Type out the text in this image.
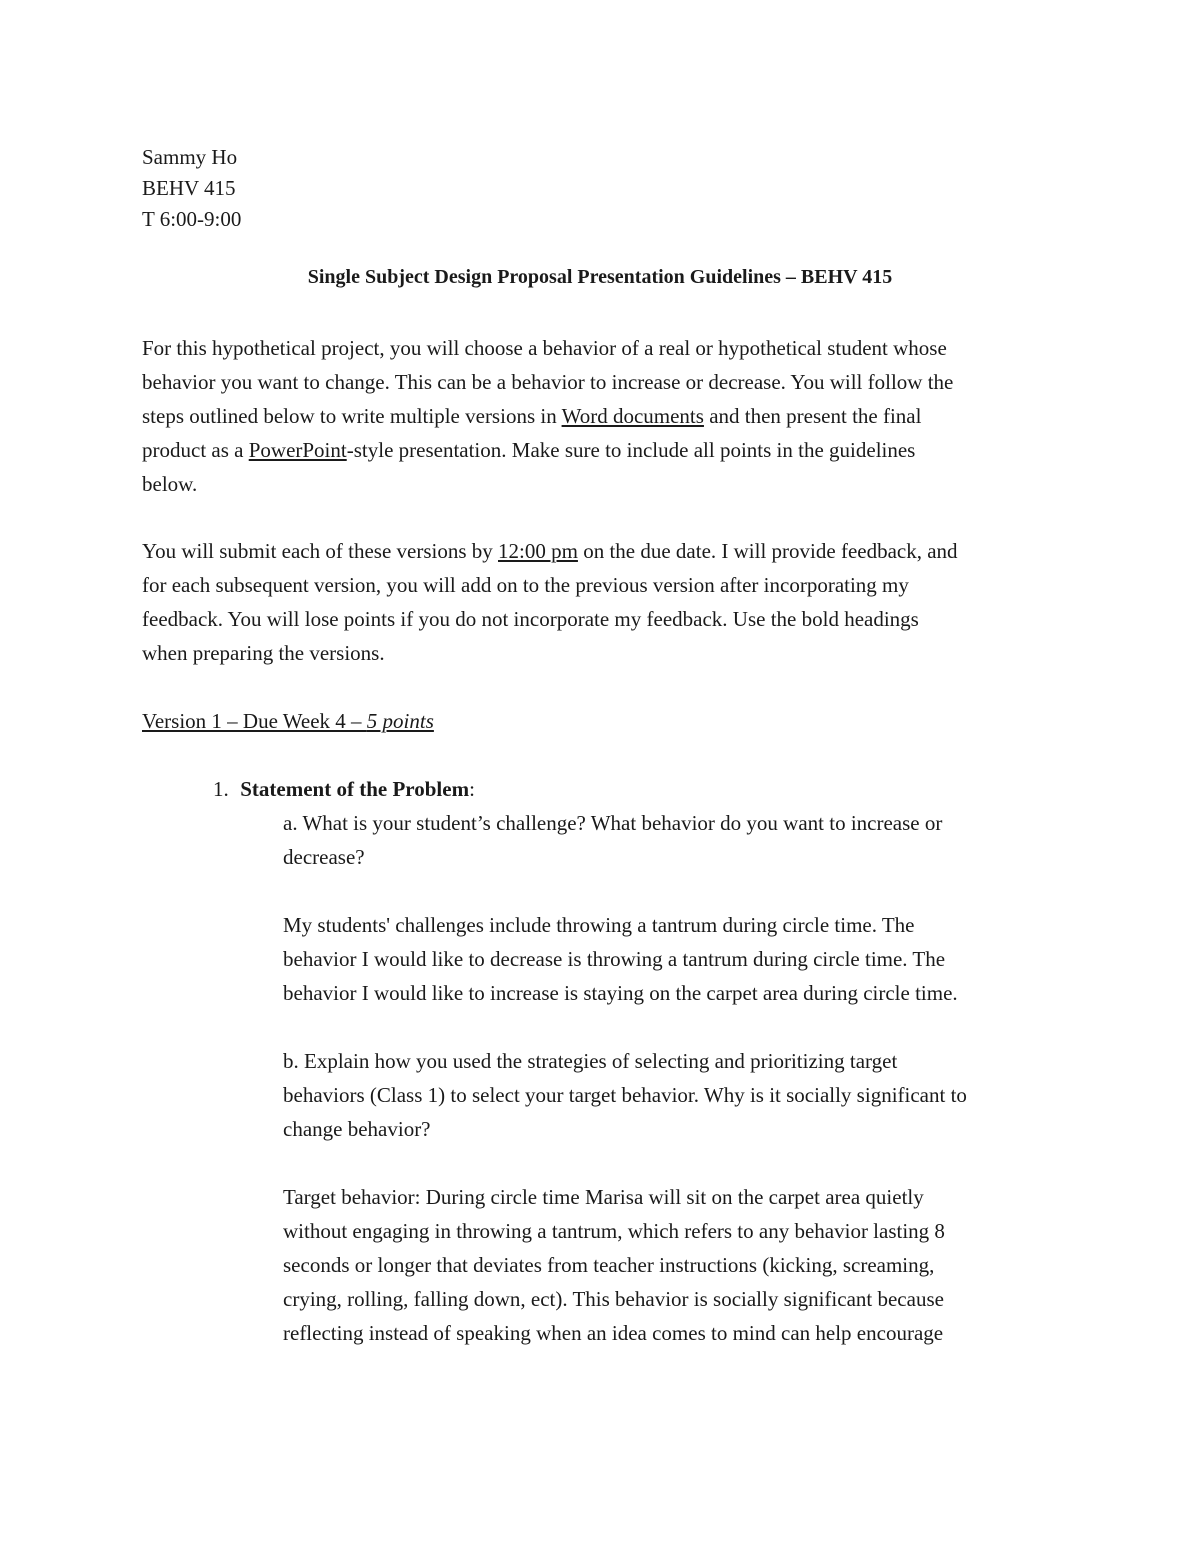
Sammy Ho
BEHV 415
T 6:00-9:00
Single Subject Design Proposal Presentation Guidelines – BEHV 415
For this hypothetical project, you will choose a behavior of a real or hypothetical student whose
behavior you want to change. This can be a behavior to increase or decrease. You will follow the
steps outlined below to write multiple versions in Word documents and then present the final
product as a PowerPoint-style presentation. Make sure to include all points in the guidelines
below.
You will submit each of these versions by 12:00 pm on the due date. I will provide feedback, and
for each subsequent version, you will add on to the previous version after incorporating my
feedback. You will lose points if you do not incorporate my feedback. Use the bold headings
when preparing the versions.
Version 1 – Due Week 4 – 5 points
1. Statement of the Problem:
a. What is your student’s challenge? What behavior do you want to increase or
decrease?
My students' challenges include throwing a tantrum during circle time. The
behavior I would like to decrease is throwing a tantrum during circle time. The
behavior I would like to increase is staying on the carpet area during circle time.
b. Explain how you used the strategies of selecting and prioritizing target
behaviors (Class 1) to select your target behavior. Why is it socially significant to
change behavior?
Target behavior: During circle time Marisa will sit on the carpet area quietly
without engaging in throwing a tantrum, which refers to any behavior lasting 8
seconds or longer that deviates from teacher instructions (kicking, screaming,
crying, rolling, falling down, ect). This behavior is socially significant because
reflecting instead of speaking when an idea comes to mind can help encourage
